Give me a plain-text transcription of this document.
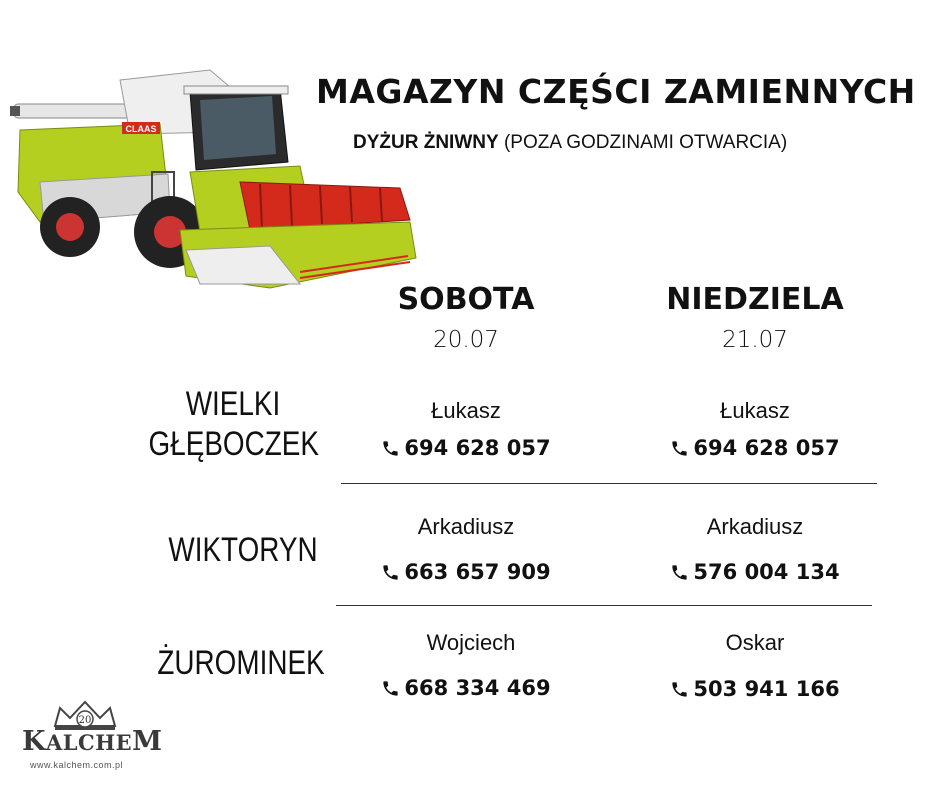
CLAAS
MAGAZYN CZĘŚCI ZAMIENNYCH
DYŻUR ŻNIWNY (POZA GODZINAMI OTWARCIA)
SOBOTA
20.07
NIEDZIELA
21.07
WIELKI
GŁĘBOCZEK
Łukasz
694 628 057
Łukasz
694 628 057
WIKTORYN
Arkadiusz
663 657 909
Arkadiusz
576 004 134
ŻUROMINEK
Wojciech
668 334 469
Oskar
503 941 166
20
KALCHEM
www.kalchem.com.pl
